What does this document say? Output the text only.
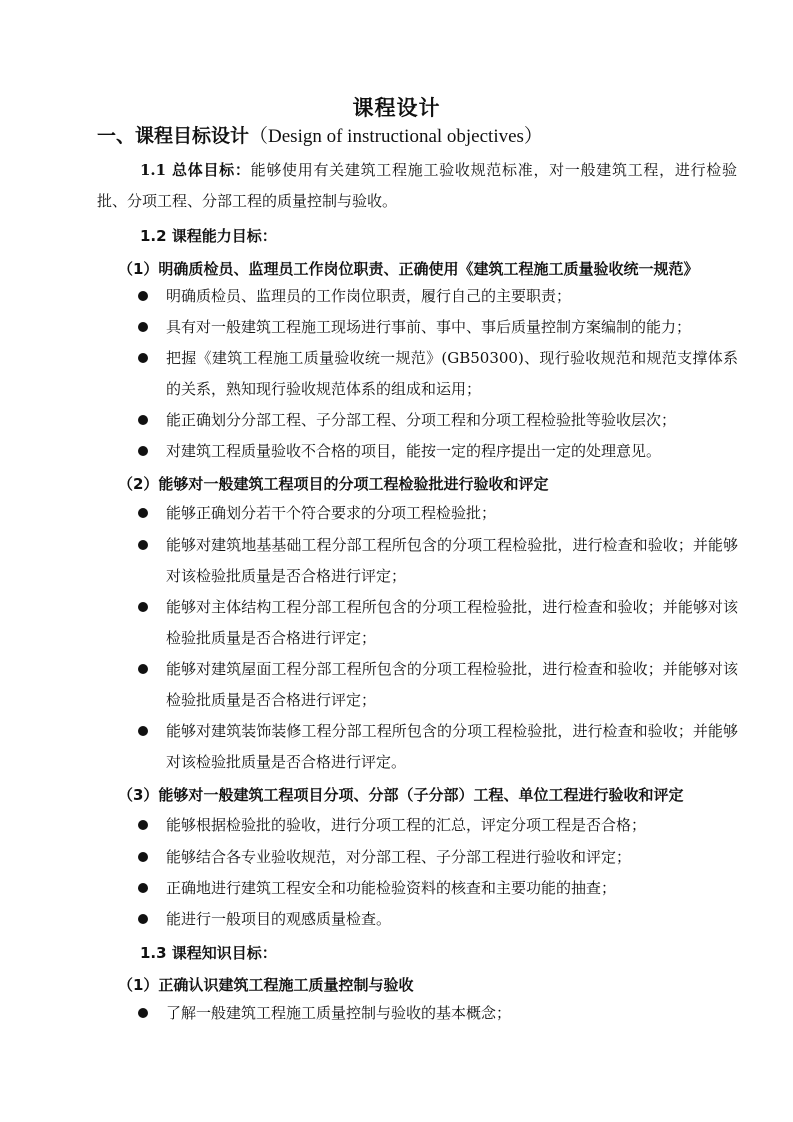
课程设计
一、课程目标设计（Design of instructional objectives）
1.1 总体目标：能够使用有关建筑工程施工验收规范标准，对一般建筑工程，进行检验批、分项工程、分部工程的质量控制与验收。
1.2 课程能力目标：
（1）明确质检员、监理员工作岗位职责、正确使用《建筑工程施工质量验收统一规范》
明确质检员、监理员的工作岗位职责，履行自己的主要职责；
具有对一般建筑工程施工现场进行事前、事中、事后质量控制方案编制的能力；
把握《建筑工程施工质量验收统一规范》(GB50300)、现行验收规范和规范支撑体系的关系，熟知现行验收规范体系的组成和运用；
能正确划分分部工程、子分部工程、分项工程和分项工程检验批等验收层次；
对建筑工程质量验收不合格的项目，能按一定的程序提出一定的处理意见。
（2）能够对一般建筑工程项目的分项工程检验批进行验收和评定
能够正确划分若干个符合要求的分项工程检验批；
能够对建筑地基基础工程分部工程所包含的分项工程检验批，进行检查和验收；并能够对该检验批质量是否合格进行评定；
能够对主体结构工程分部工程所包含的分项工程检验批，进行检查和验收；并能够对该检验批质量是否合格进行评定；
能够对建筑屋面工程分部工程所包含的分项工程检验批，进行检查和验收；并能够对该检验批质量是否合格进行评定；
能够对建筑装饰装修工程分部工程所包含的分项工程检验批，进行检查和验收；并能够对该检验批质量是否合格进行评定。
（3）能够对一般建筑工程项目分项、分部（子分部）工程、单位工程进行验收和评定
能够根据检验批的验收，进行分项工程的汇总，评定分项工程是否合格；
能够结合各专业验收规范，对分部工程、子分部工程进行验收和评定；
正确地进行建筑工程安全和功能检验资料的核查和主要功能的抽查；
能进行一般项目的观感质量检查。
1.3 课程知识目标：
（1）正确认识建筑工程施工质量控制与验收
了解一般建筑工程施工质量控制与验收的基本概念；
